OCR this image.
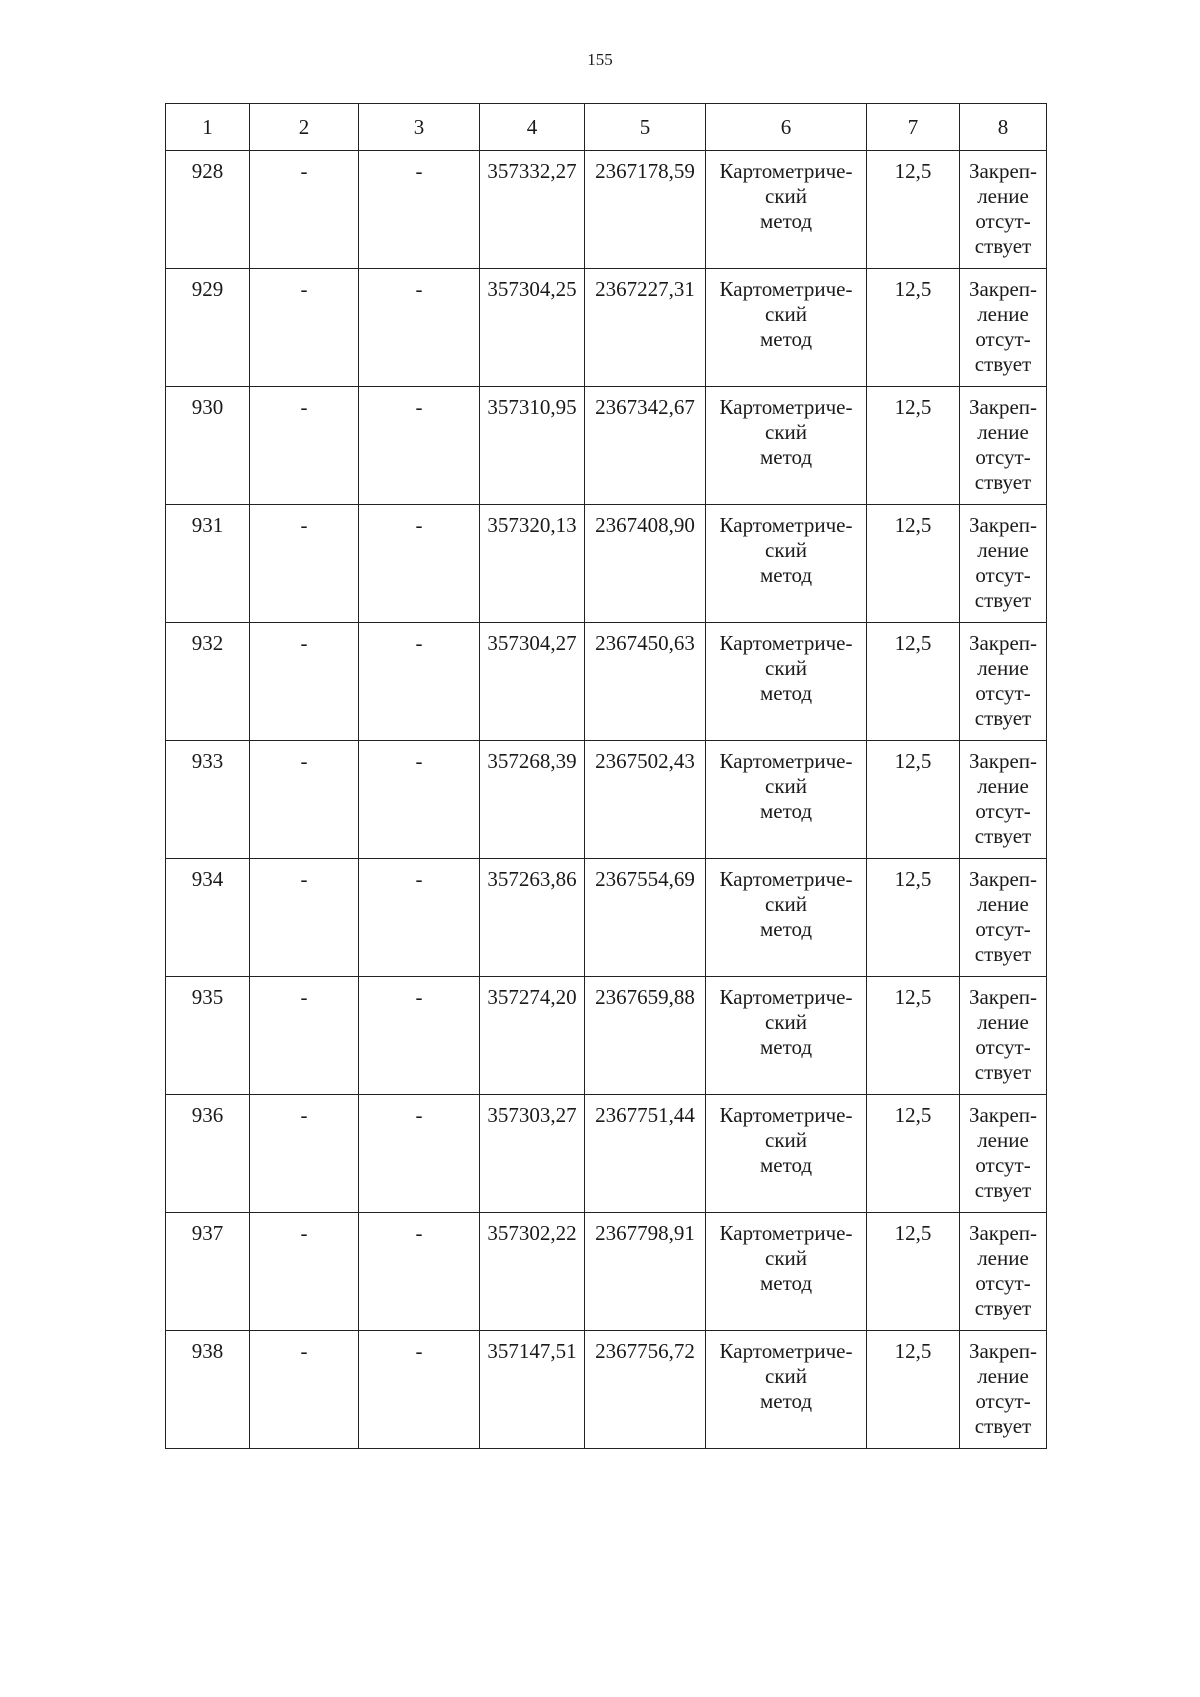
155
1	2	3	4	5	6	7	8

928	-	-	357332,27	2367178,59	Картометриче-
ский
метод	12,5	Закреп-
ление
отсут-
ствует

929	-	-	357304,25	2367227,31	Картометриче-
ский
метод	12,5	Закреп-
ление
отсут-
ствует

930	-	-	357310,95	2367342,67	Картометриче-
ский
метод	12,5	Закреп-
ление
отсут-
ствует

931	-	-	357320,13	2367408,90	Картометриче-
ский
метод	12,5	Закреп-
ление
отсут-
ствует

932	-	-	357304,27	2367450,63	Картометриче-
ский
метод	12,5	Закреп-
ление
отсут-
ствует

933	-	-	357268,39	2367502,43	Картометриче-
ский
метод	12,5	Закреп-
ление
отсут-
ствует

934	-	-	357263,86	2367554,69	Картометриче-
ский
метод	12,5	Закреп-
ление
отсут-
ствует

935	-	-	357274,20	2367659,88	Картометриче-
ский
метод	12,5	Закреп-
ление
отсут-
ствует

936	-	-	357303,27	2367751,44	Картометриче-
ский
метод	12,5	Закреп-
ление
отсут-
ствует

937	-	-	357302,22	2367798,91	Картометриче-
ский
метод	12,5	Закреп-
ление
отсут-
ствует

938	-	-	357147,51	2367756,72	Картометриче-
ский
метод	12,5	Закреп-
ление
отсут-
ствует
